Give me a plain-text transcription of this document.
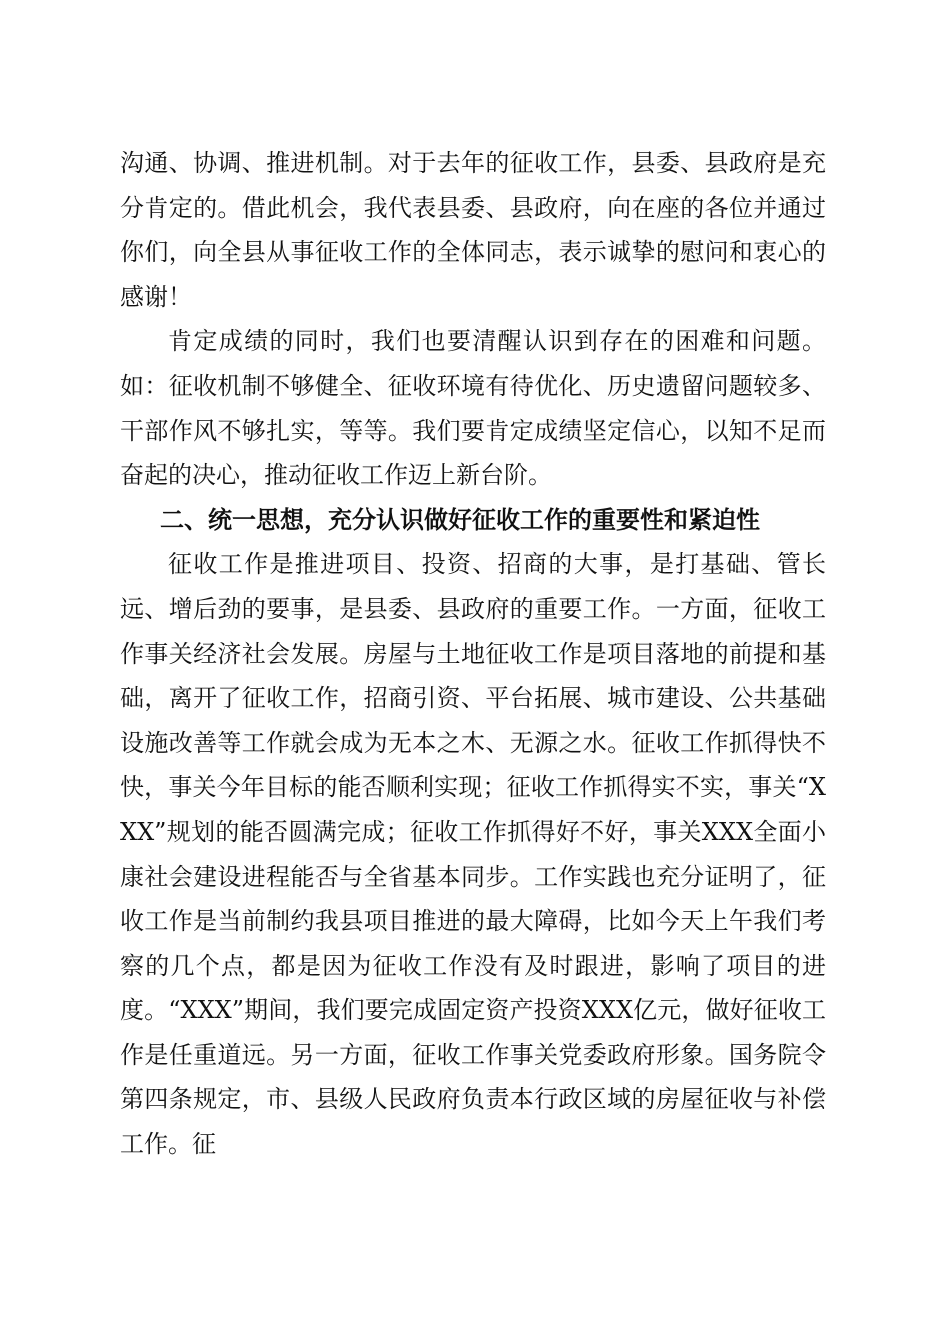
沟通、协调、推进机制。对于去年的征收工作，县委、县政府是充分肯定的。借此机会，我代表县委、县政府，向在座的各位并通过你们，向全县从事征收工作的全体同志，表示诚挚的慰问和衷心的感谢！

肯定成绩的同时，我们也要清醒认识到存在的困难和问题。如：征收机制不够健全、征收环境有待优化、历史遗留问题较多、干部作风不够扎实，等等。我们要肯定成绩坚定信心，以知不足而奋起的决心，推动征收工作迈上新台阶。

二、统一思想，充分认识做好征收工作的重要性和紧迫性

征收工作是推进项目、投资、招商的大事，是打基础、管长远、增后劲的要事，是县委、县政府的重要工作。一方面，征收工作事关经济社会发展。房屋与土地征收工作是项目落地的前提和基础，离开了征收工作，招商引资、平台拓展、城市建设、公共基础设施改善等工作就会成为无本之木、无源之水。征收工作抓得快不快，事关今年目标的能否顺利实现；征收工作抓得实不实，事关“XXX”规划的能否圆满完成；征收工作抓得好不好，事关XXX全面小康社会建设进程能否与全省基本同步。工作实践也充分证明了，征收工作是当前制约我县项目推进的最大障碍，比如今天上午我们考察的几个点，都是因为征收工作没有及时跟进，影响了项目的进度。“XXX”期间，我们要完成固定资产投资XXX亿元，做好征收工作是任重道远。另一方面，征收工作事关党委政府形象。国务院令第四条规定，市、县级人民政府负责本行政区域的房屋征收与补偿工作。征
